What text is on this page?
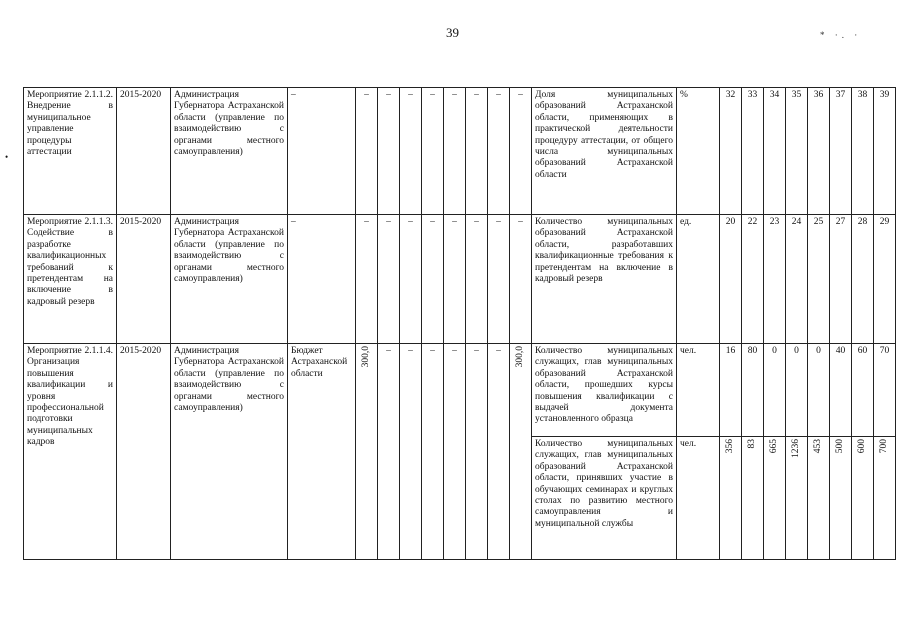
39	* ·. ·
•
Мероприятие 2.1.1.2. Внедрение в муниципальное управление процедуры аттестации	2015-2020	Администрация Губернатора Астраханской области (управление по взаимодействию с органами местного самоуправления)	–	–	–	–	–	–	–	–	–	Доля муниципальных образований Астраханской области, применяющих в практической деятельности процедуру аттестации, от общего числа муниципальных образований Астраханской области	%	32	33	34	35	36	37	38	39
Мероприятие 2.1.1.3. Содействие в разработке квалификационных требований к претендентам на включение в кадровый резерв	2015-2020	Администрация Губернатора Астраханской области (управление по взаимодействию с органами местного самоуправления)	–	–	–	–	–	–	–	–	–	Количество муниципальных образований Астраханской области, разработавших квалификационные требования к претендентам на включение в кадровый резерв	ед.	20	22	23	24	25	27	28	29
Мероприятие 2.1.1.4. Организация повышения квалификации и уровня профессиональной подготовки муниципальных кадров	2015-2020	Администрация Губернатора Астраханской области (управление по взаимодействию с органами местного самоуправления)	Бюджет Астраханской области	300,0	–	–	–	–	–	–	300,0	Количество муниципальных служащих, глав муниципальных образований Астраханской области, прошедших курсы повышения квалификации с выдачей документа установленного образца	чел.	16	80	0	0	0	40	60	70
												Количество муниципальных служащих, глав муниципальных образований Астраханской области, принявших участие в обучающих семинарах и круглых столах по развитию местного самоуправления и муниципальной службы	чел.	356	83	665	1236	453	500	600	700
